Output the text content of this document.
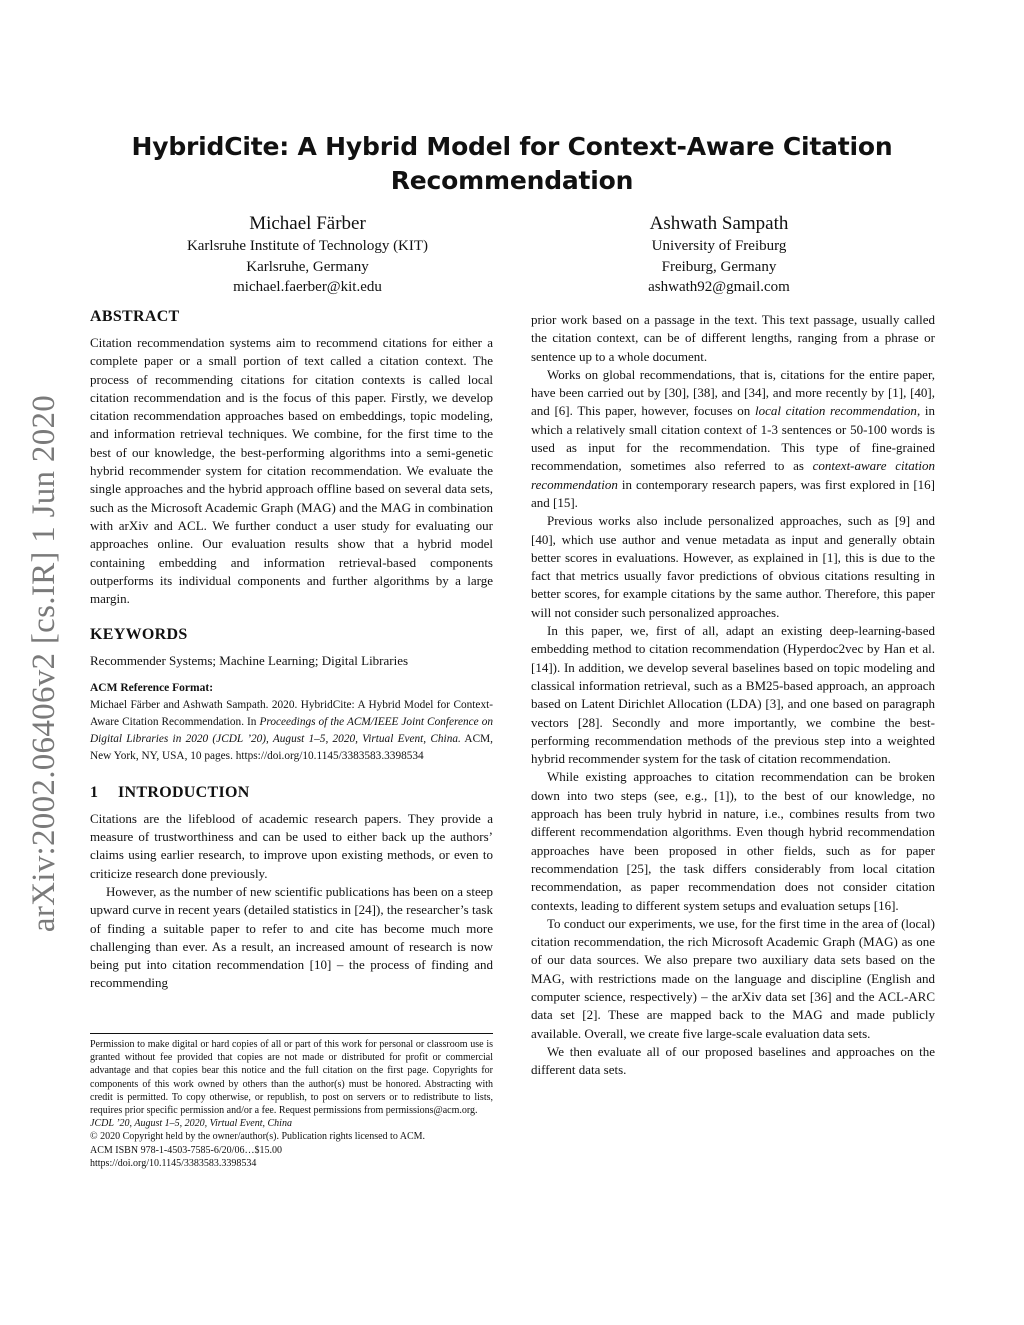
arXiv:2002.06406v2 [cs.IR] 1 Jun 2020
HybridCite: A Hybrid Model for Context-Aware Citation Recommendation
Michael Färber
Karlsruhe Institute of Technology (KIT)
Karlsruhe, Germany
michael.faerber@kit.edu
Ashwath Sampath
University of Freiburg
Freiburg, Germany
ashwath92@gmail.com
ABSTRACT

Citation recommendation systems aim to recommend citations for either a complete paper or a small portion of text called a citation context. The process of recommending citations for citation contexts is called local citation recommendation and is the focus of this paper. Firstly, we develop citation recommendation approaches based on embeddings, topic modeling, and information retrieval techniques. We combine, for the first time to the best of our knowledge, the best-performing algorithms into a semi-genetic hybrid recommender system for citation recommendation. We evaluate the single approaches and the hybrid approach offline based on several data sets, such as the Microsoft Academic Graph (MAG) and the MAG in combination with arXiv and ACL. We further conduct a user study for evaluating our approaches online. Our evaluation results show that a hybrid model containing embedding and information retrieval-based components outperforms its individual components and further algorithms by a large margin.

KEYWORDS

Recommender Systems; Machine Learning; Digital Libraries

ACM Reference Format:

Michael Färber and Ashwath Sampath. 2020. HybridCite: A Hybrid Model for Context-Aware Citation Recommendation. In Proceedings of the ACM/IEEE Joint Conference on Digital Libraries in 2020 (JCDL ’20), August 1–5, 2020, Virtual Event, China. ACM, New York, NY, USA, 10 pages. https://doi.org/10.1145/3383583.3398534

1 INTRODUCTION

Citations are the lifeblood of academic research papers. They provide a measure of trustworthiness and can be used to either back up the authors’ claims using earlier research, to improve upon existing methods, or even to criticize research done previously.

However, as the number of new scientific publications has been on a steep upward curve in recent years (detailed statistics in [24]), the researcher’s task of finding a suitable paper to refer to and cite has become much more challenging than ever. As a result, an increased amount of research is now being put into citation recommendation [10] – the process of finding and recommending

Permission to make digital or hard copies of all or part of this work for personal or classroom use is granted without fee provided that copies are not made or distributed for profit or commercial advantage and that copies bear this notice and the full citation on the first page. Copyrights for components of this work owned by others than the author(s) must be honored. Abstracting with credit is permitted. To copy otherwise, or republish, to post on servers or to redistribute to lists, requires prior specific permission and/or a fee. Request permissions from permissions@acm.org.

JCDL ’20, August 1–5, 2020, Virtual Event, China

© 2020 Copyright held by the owner/author(s). Publication rights licensed to ACM.

ACM ISBN 978-1-4503-7585-6/20/06…$15.00

https://doi.org/10.1145/3383583.3398534

prior work based on a passage in the text. This text passage, usually called the citation context, can be of different lengths, ranging from a phrase or sentence up to a whole document.

Works on global recommendations, that is, citations for the entire paper, have been carried out by [30], [38], and [34], and more recently by [1], [40], and [6]. This paper, however, focuses on local citation recommendation, in which a relatively small citation context of 1-3 sentences or 50-100 words is used as input for the recommendation. This type of fine-grained recommendation, sometimes also referred to as context-aware citation recommendation in contemporary research papers, was first explored in [16] and [15].

Previous works also include personalized approaches, such as [9] and [40], which use author and venue metadata as input and generally obtain better scores in evaluations. However, as explained in [1], this is due to the fact that metrics usually favor predictions of obvious citations resulting in better scores, for example citations by the same author. Therefore, this paper will not consider such personalized approaches.

In this paper, we, first of all, adapt an existing deep-learning-based embedding method to citation recommendation (Hyperdoc2vec by Han et al. [14]). In addition, we develop several baselines based on topic modeling and classical information retrieval, such as a BM25-based approach, an approach based on Latent Dirichlet Allocation (LDA) [3], and one based on paragraph vectors [28]. Secondly and more importantly, we combine the best-performing recommendation methods of the previous step into a weighted hybrid recommender system for the task of citation recommendation.

While existing approaches to citation recommendation can be broken down into two steps (see, e.g., [1]), to the best of our knowledge, no approach has been truly hybrid in nature, i.e., combines results from two different recommendation algorithms. Even though hybrid recommendation approaches have been proposed in other fields, such as for paper recommendation [25], the task differs considerably from local citation recommendation, as paper recommendation does not consider citation contexts, leading to different system setups and evaluation setups [16].

To conduct our experiments, we use, for the first time in the area of (local) citation recommendation, the rich Microsoft Academic Graph (MAG) as one of our data sources. We also prepare two auxiliary data sets based on the MAG, with restrictions made on the language and discipline (English and computer science, respectively) – the arXiv data set [36] and the ACL-ARC data set [2]. These are mapped back to the MAG and made publicly available. Overall, we create five large-scale evaluation data sets.

We then evaluate all of our proposed baselines and approaches on the different data sets.
